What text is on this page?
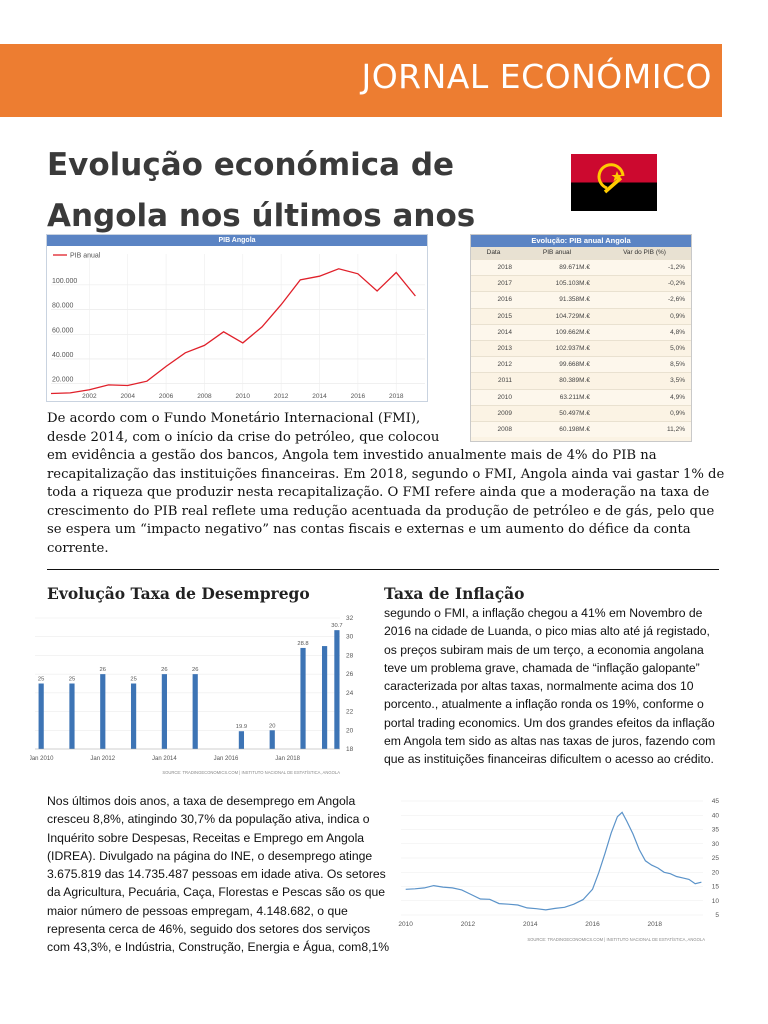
JORNAL ECONÓMICO
Evolução económica de
Angola nos últimos anos
PIB Angola
20.000
40.000
60.000
80.000
100.000
2002	2004	2006	2008	2010	2012	2014	2016	2018
PIB anual
Evolução: PIB anual Angola
Data	PIB anual	Var do PIB (%)
2018	89.671M.€	-1,2%
2017	105.103M.€	-0,2%
2016	91.358M.€	-2,6%
2015	104.729M.€	0,9%
2014	109.662M.€	4,8%
2013	102.937M.€	5,0%
2012	99.668M.€	8,5%
2011	80.389M.€	3,5%
2010	63.211M.€	4,9%
2009	50.497M.€	0,9%
2008	60.198M.€	11,2%
De acordo com o Fundo Monetário Internacional (FMI), desde 2014, com o início da crise do petróleo, que colocou
em evidência a gestão dos bancos, Angola tem investido anualmente mais de 4% do PIB na recapitalização das instituições financeiras. Em 2018, segundo o FMI, Angola ainda vai gastar 1% de toda a riqueza que produzir nesta recapitalização. O FMI refere ainda que a moderação na taxa de crescimento do PIB real reflete uma redução acentuada da produção de petróleo e de gás, pelo que se espera um “impacto negativo” nas contas fiscais e externas e um aumento do défice da conta corrente.
Evolução Taxa de Desemprego	Taxa de Inflação
18
20
22
24
26
28
30
32
Jan 2010	Jan 2012	Jan 2014	Jan 2016	Jan 2018
25	25
26
25
26	26
19.9	20
28.8
30.7
SOURCE: TRADINGECONOMICS.COM | INSTITUTO NACIONAL DE ESTATÍSTICA, ANGOLA
segundo o FMI, a inflação chegou a 41% em Novembro de 2016 na cidade de Luanda, o pico mias alto até já registado, os preços subiram mais de um terço, a economia angolana teve um problema grave, chamada de “inflação galopante” caracterizada por altas taxas, normalmente acima dos 10 porcento., atualmente a inflação ronda os 19%, conforme o portal trading economics. Um dos grandes efeitos da inflação em Angola tem sido as altas nas taxas de juros, fazendo com que as instituições financeiras dificultem o acesso ao crédito.
Nos últimos dois anos, a taxa de desemprego em Angola cresceu 8,8%, atingindo 30,7% da população ativa, indica o Inquérito sobre Despesas, Receitas e Emprego em Angola (IDREA). Divulgado na página do INE, o desemprego atinge 3.675.819 das 14.735.487 pessoas em idade ativa. Os setores da Agricultura, Pecuária, Caça, Florestas e Pescas são os que maior número de pessoas empregam, 4.148.682, o que representa cerca de 46%, seguido dos setores dos serviços com 43,3%, e Indústria, Construção, Energia e Água, com8,1%
5
10
15
20
25
30
35
40
45
2010	2012	2014	2016	2018
SOURCE: TRADINGECONOMICS.COM | INSTITUTO NACIONAL DE ESTATÍSTICA, ANGOLA
